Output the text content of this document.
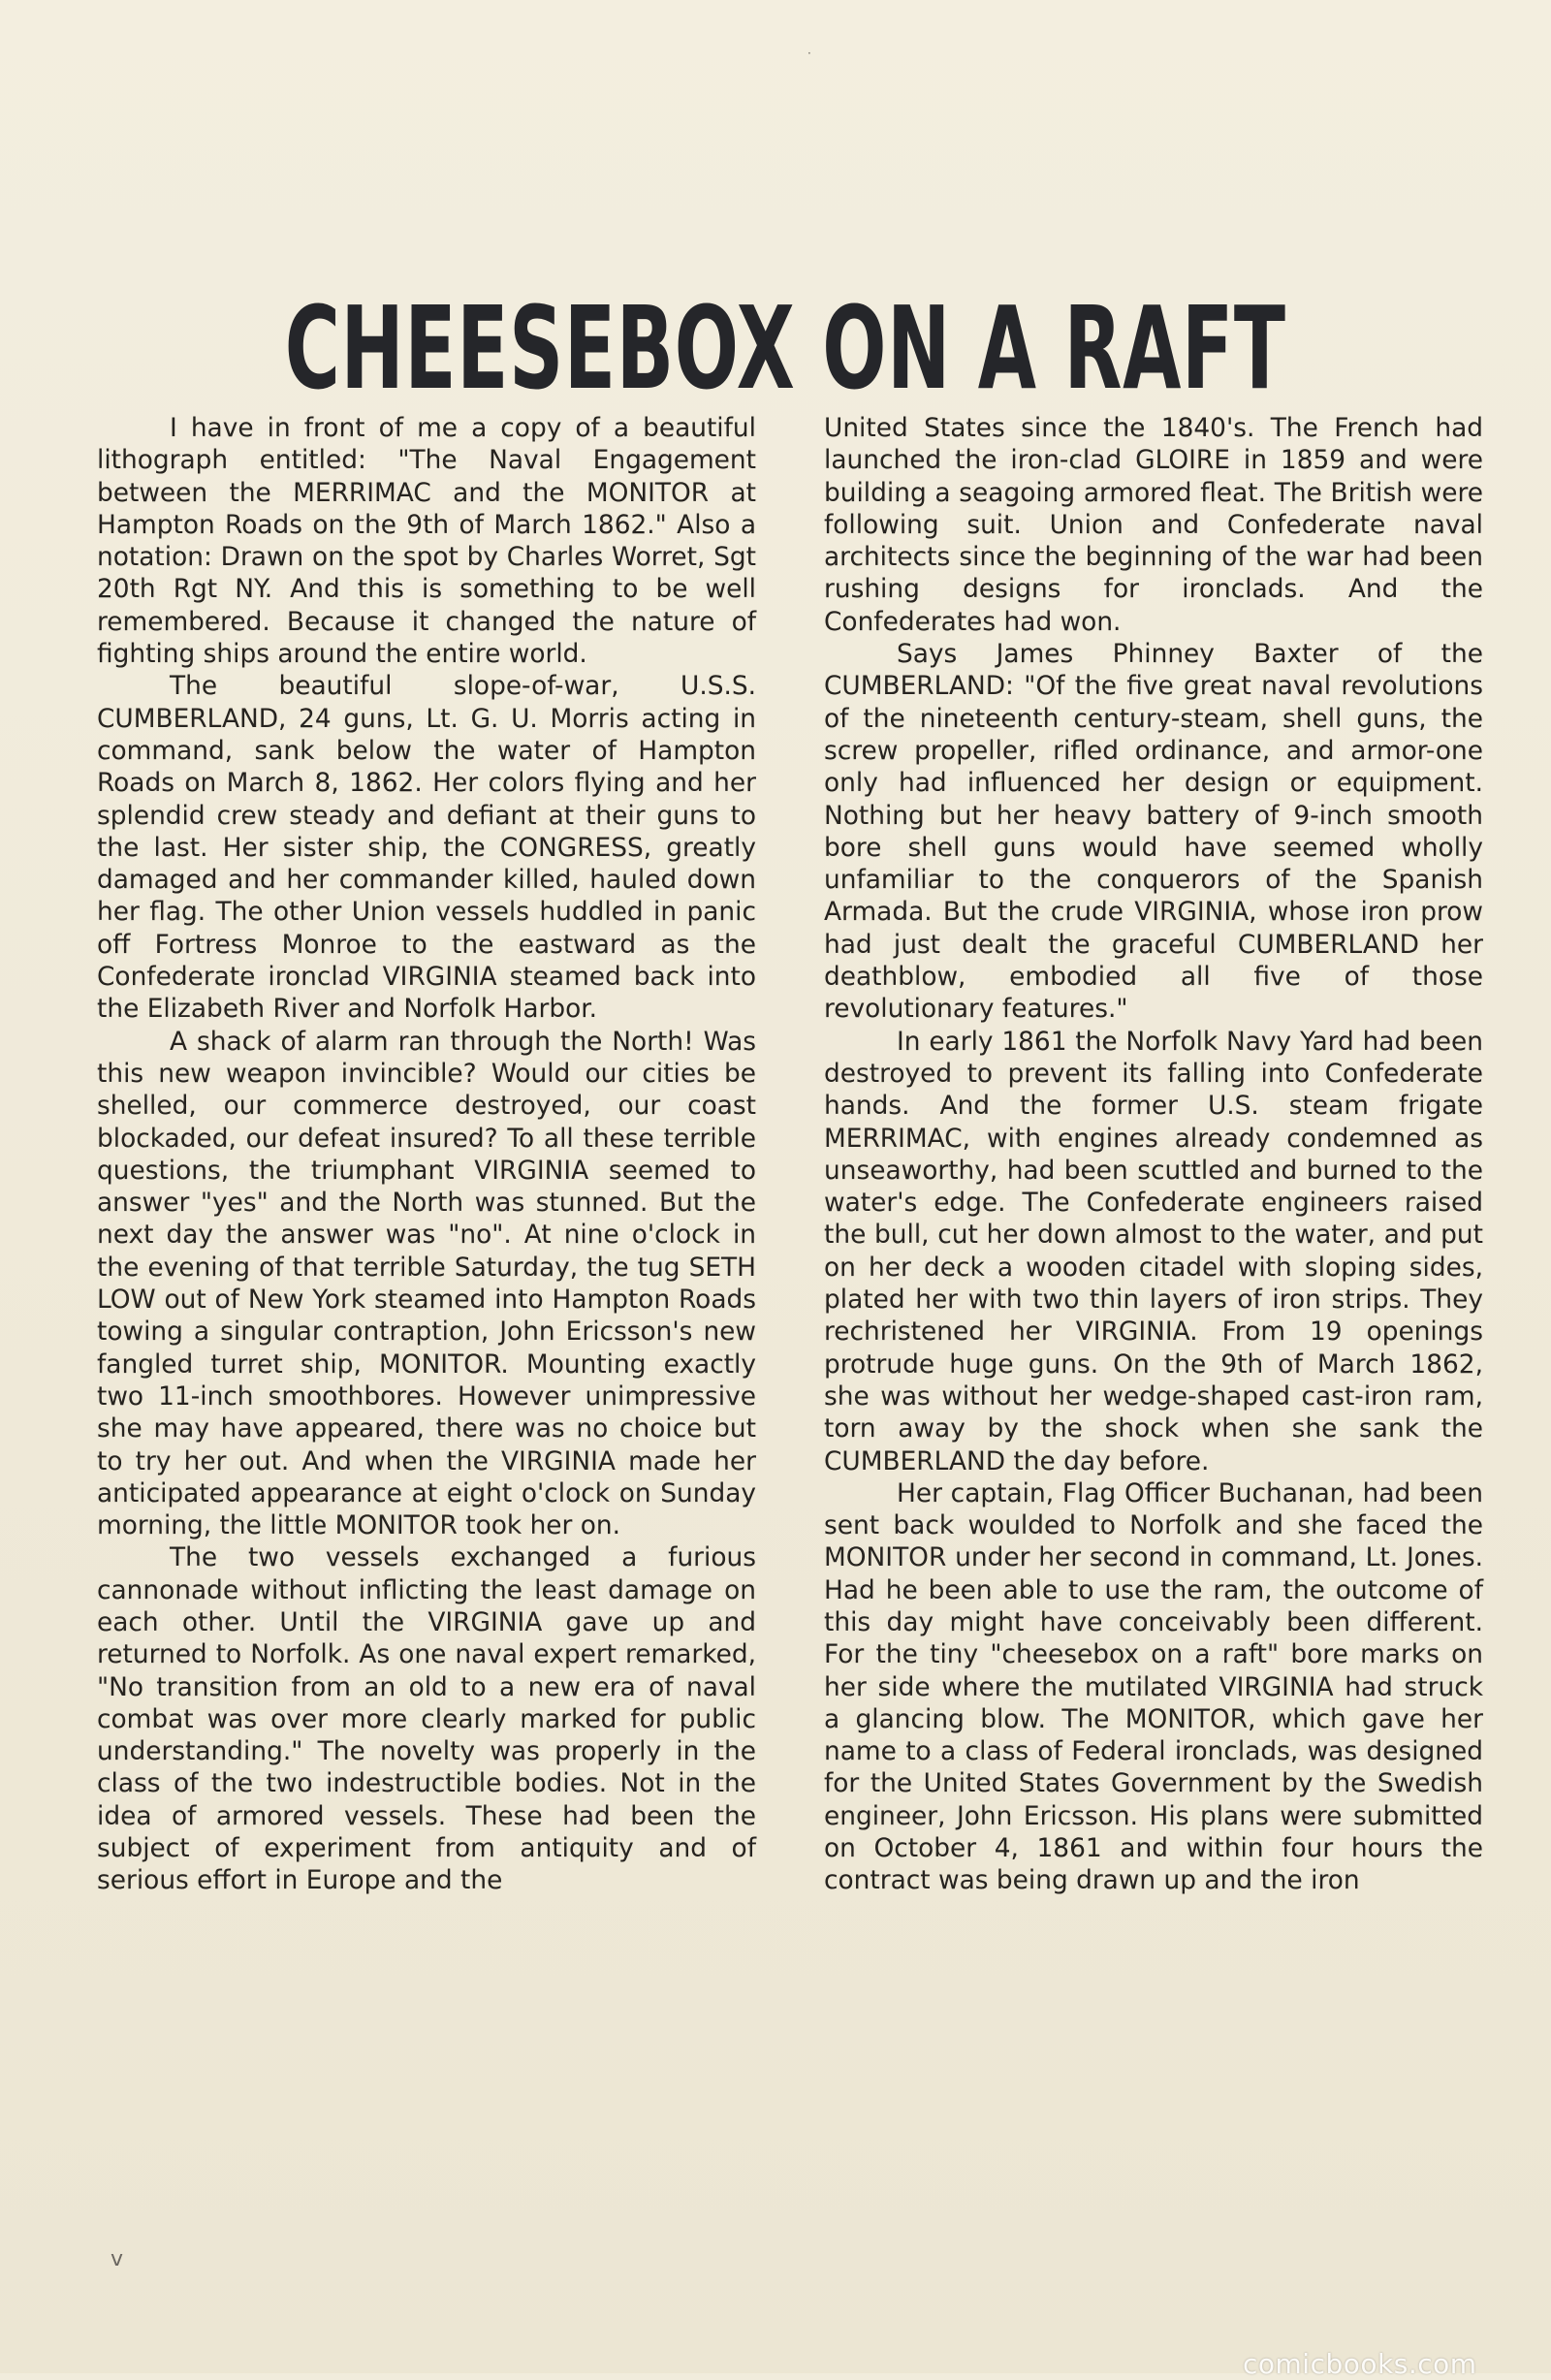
·
CHEESEBOX ON A RAFT

I have in front of me a copy of a beautiful lithograph entitled: "The Naval Engagement between the MERRIMAC and the MONITOR at Hampton Roads on the 9th of March 1862." Also a notation: Drawn on the spot by Charles Worret, Sgt 20th Rgt NY. And this is something to be well remembered. Because it changed the nature of fighting ships around the entire world.

The beautiful slope-of-war, U.S.S. CUMBERLAND, 24 guns, Lt. G. U. Morris acting in command, sank below the water of Hampton Roads on March 8, 1862. Her colors flying and her splendid crew steady and defiant at their guns to the last. Her sister ship, the CONGRESS, greatly damaged and her commander killed, hauled down her flag. The other Union vessels huddled in panic off Fortress Monroe to the eastward as the Confederate ironclad VIRGINIA steamed back into the Elizabeth River and Norfolk Harbor.

A shack of alarm ran through the North! Was this new weapon invincible? Would our cities be shelled, our commerce destroyed, our coast blockaded, our defeat insured? To all these terrible questions, the triumphant VIRGINIA seemed to answer "yes" and the North was stunned. But the next day the answer was "no". At nine o'clock in the evening of that terrible Saturday, the tug SETH LOW out of New York steamed into Hampton Roads towing a singular contraption, John Ericsson's new fangled turret ship, MONITOR. Mounting exactly two 11-inch smoothbores. However unimpressive she may have appeared, there was no choice but to try her out. And when the VIRGINIA made her anticipated appearance at eight o'clock on Sunday morning, the little MONITOR took her on.

The two vessels exchanged a furious cannonade without inflicting the least damage on each other. Until the VIRGINIA gave up and returned to Norfolk. As one naval expert remarked, "No transition from an old to a new era of naval combat was over more clearly marked for public understanding." The novelty was properly in the class of the two indestructible bodies. Not in the idea of armored vessels. These had been the subject of experiment from antiquity and of serious effort in Europe and the

United States since the 1840's. The French had launched the iron-clad GLOIRE in 1859 and were building a seagoing armored fleat. The British were following suit. Union and Confederate naval architects since the beginning of the war had been rushing designs for ironclads. And the Confederates had won.

Says James Phinney Baxter of the CUMBERLAND: "Of the five great naval revolutions of the nineteenth century-steam, shell guns, the screw propeller, rifled ordinance, and armor-one only had influenced her design or equipment. Nothing but her heavy battery of 9-inch smooth bore shell guns would have seemed wholly unfamiliar to the conquerors of the Spanish Armada. But the crude VIRGINIA, whose iron prow had just dealt the graceful CUMBERLAND her deathblow, embodied all five of those revolutionary features."

In early 1861 the Norfolk Navy Yard had been destroyed to prevent its falling into Confederate hands. And the former U.S. steam frigate MERRIMAC, with engines already condemned as unseaworthy, had been scuttled and burned to the water's edge. The Confederate engineers raised the bull, cut her down almost to the water, and put on her deck a wooden citadel with sloping sides, plated her with two thin layers of iron strips. They rechristened her VIRGINIA. From 19 openings protrude huge guns. On the 9th of March 1862, she was without her wedge-shaped cast-iron ram, torn away by the shock when she sank the CUMBERLAND the day before.

Her captain, Flag Officer Buchanan, had been sent back woulded to Norfolk and she faced the MONITOR under her second in command, Lt. Jones. Had he been able to use the ram, the outcome of this day might have conceivably been different. For the tiny "cheesebox on a raft" bore marks on her side where the mutilated VIRGINIA had struck a glancing blow. The MONITOR, which gave her name to a class of Federal ironclads, was designed for the United States Government by the Swedish engineer, John Ericsson. His plans were submitted on October 4, 1861 and within four hours the contract was being drawn up and the iron

v
comicbooks.com
